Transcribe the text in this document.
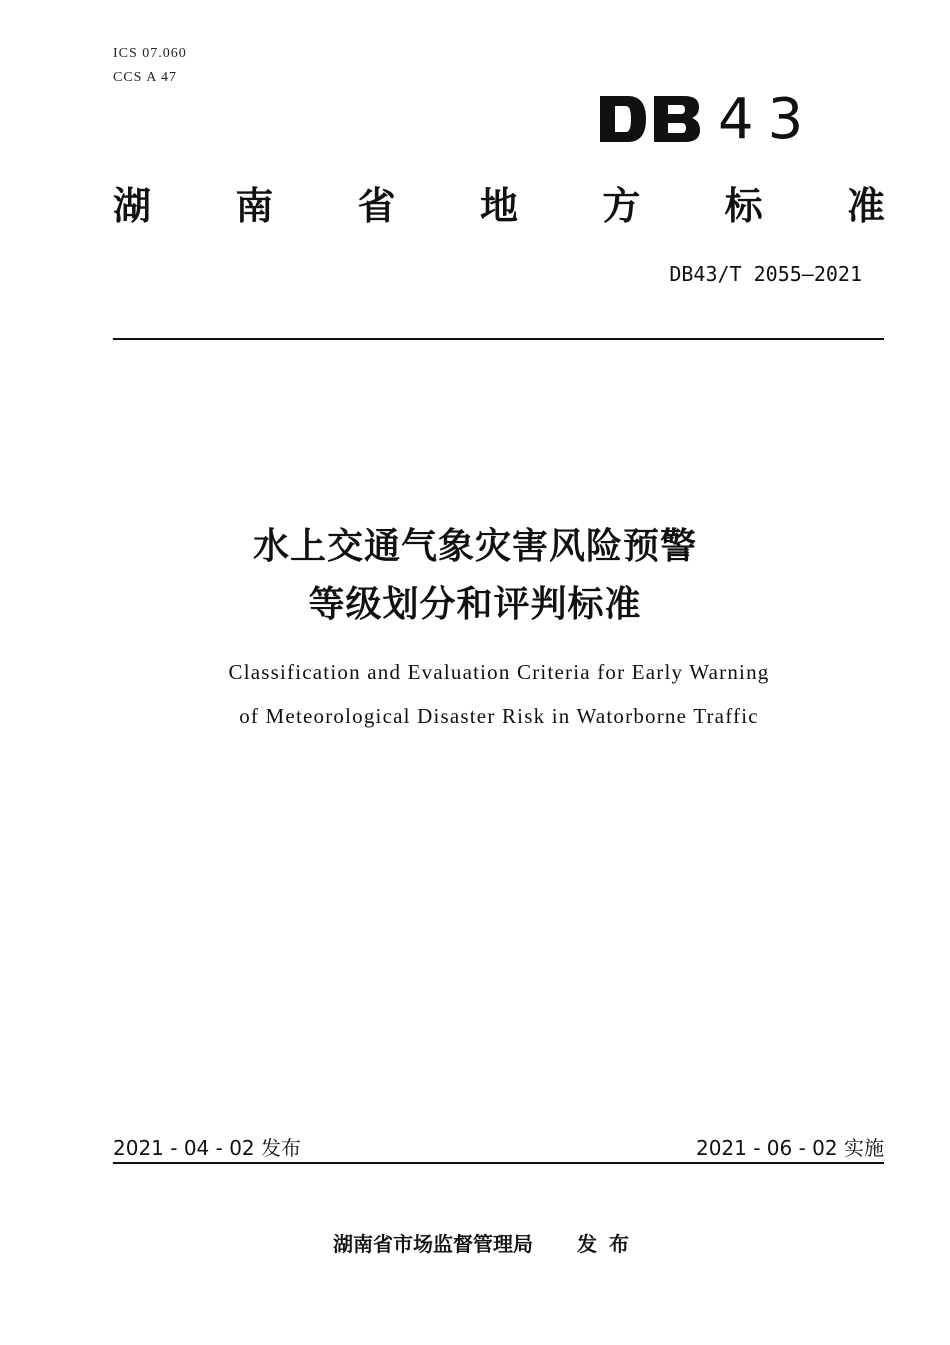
ICS 07.060
CCS A 47
43
湖 南 省 地 方 标 准
DB43/T 2055—2021
水上交通气象灾害风险预警
等级划分和评判标准
Classification and Evaluation Criteria for Early Warning
of Meteorological Disaster Risk in Watorborne Traffic
2021 - 04 - 02 发布	2021 - 06 - 02 实施
湖南省市场监督管理局 发布
